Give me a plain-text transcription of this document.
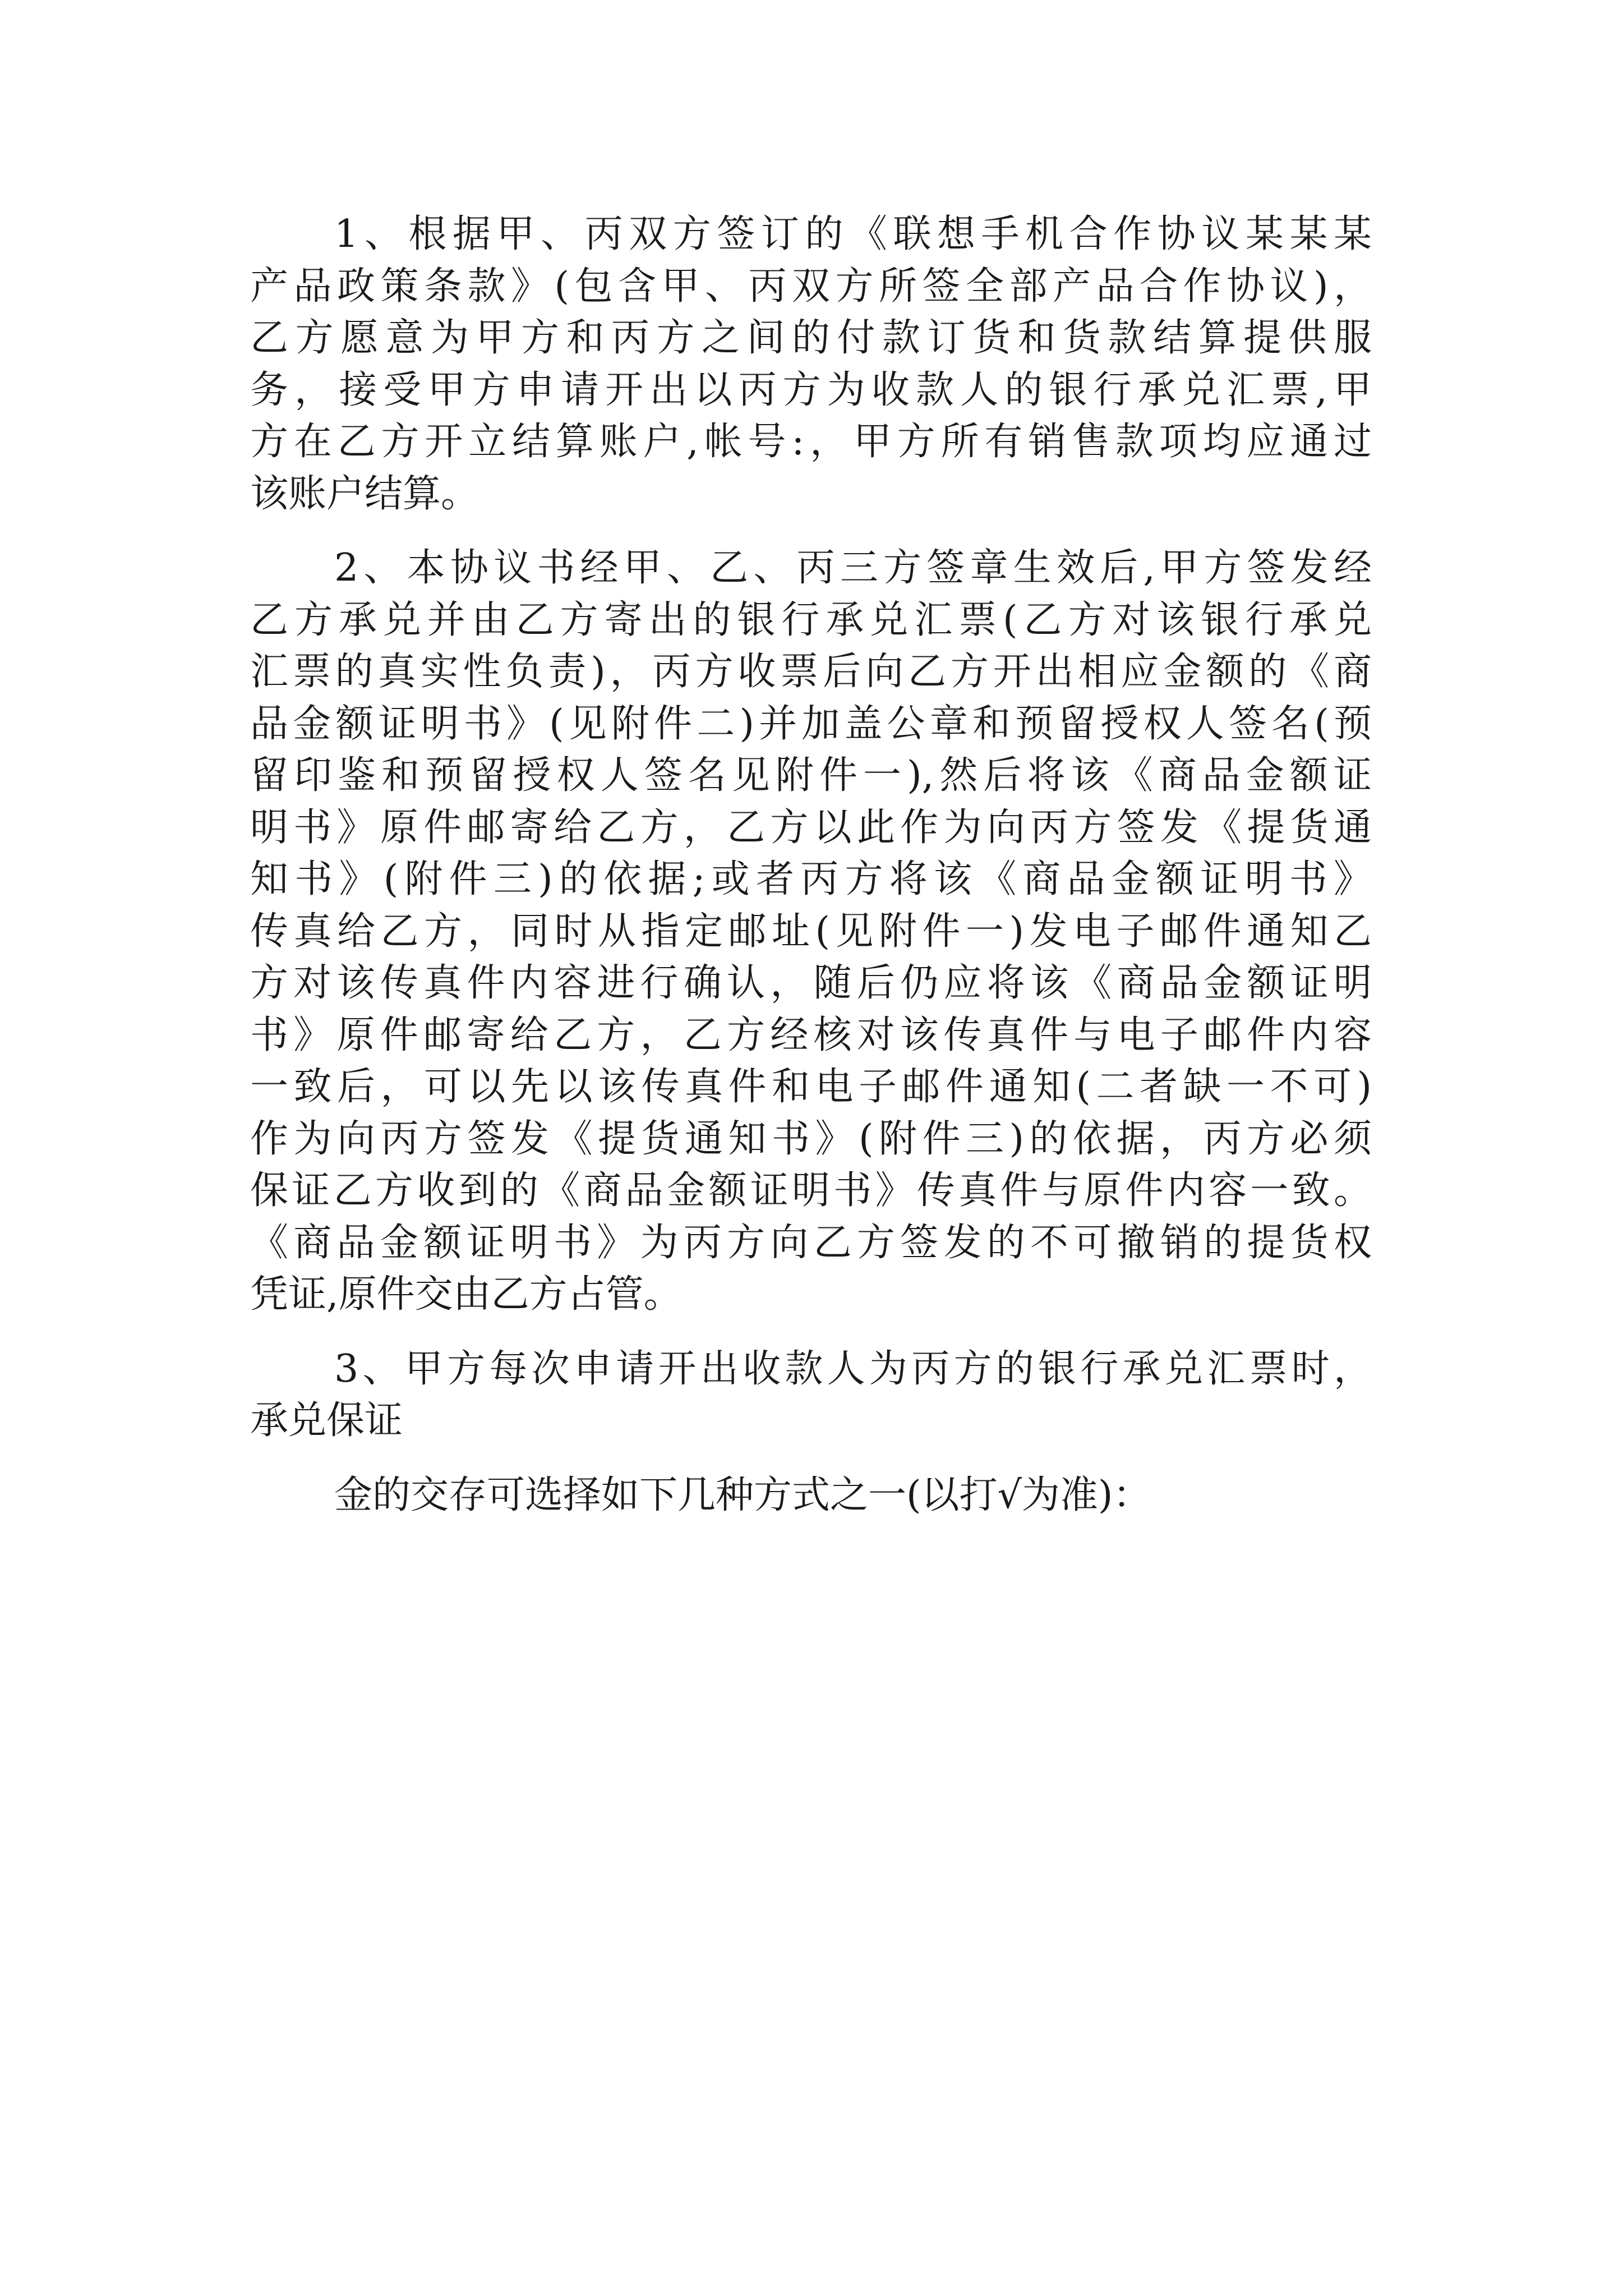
1、根据甲、丙双方签订的《联想手机合作协议某某某

产品政策条款》(包含甲、丙双方所签全部产品合作协议)，

乙方愿意为甲方和丙方之间的付款订货和货款结算提供服

务，接受甲方申请开出以丙方为收款人的银行承兑汇票,甲

方在乙方开立结算账户,帐号:，甲方所有销售款项均应通过

该账户结算。

2、本协议书经甲、乙、丙三方签章生效后,甲方签发经

乙方承兑并由乙方寄出的银行承兑汇票(乙方对该银行承兑

汇票的真实性负责)，丙方收票后向乙方开出相应金额的《商

品金额证明书》(见附件二)并加盖公章和预留授权人签名(预

留印鉴和预留授权人签名见附件一),然后将该《商品金额证

明书》原件邮寄给乙方，乙方以此作为向丙方签发《提货通

知书》(附件三)的依据;或者丙方将该《商品金额证明书》

传真给乙方，同时从指定邮址(见附件一)发电子邮件通知乙

方对该传真件内容进行确认，随后仍应将该《商品金额证明

书》原件邮寄给乙方，乙方经核对该传真件与电子邮件内容

一致后，可以先以该传真件和电子邮件通知(二者缺一不可)

作为向丙方签发《提货通知书》(附件三)的依据，丙方必须

保证乙方收到的《商品金额证明书》传真件与原件内容一致。

《商品金额证明书》为丙方向乙方签发的不可撤销的提货权

凭证,原件交由乙方占管。

3、甲方每次申请开出收款人为丙方的银行承兑汇票时，

承兑保证

金的交存可选择如下几种方式之一(以打√为准)：
